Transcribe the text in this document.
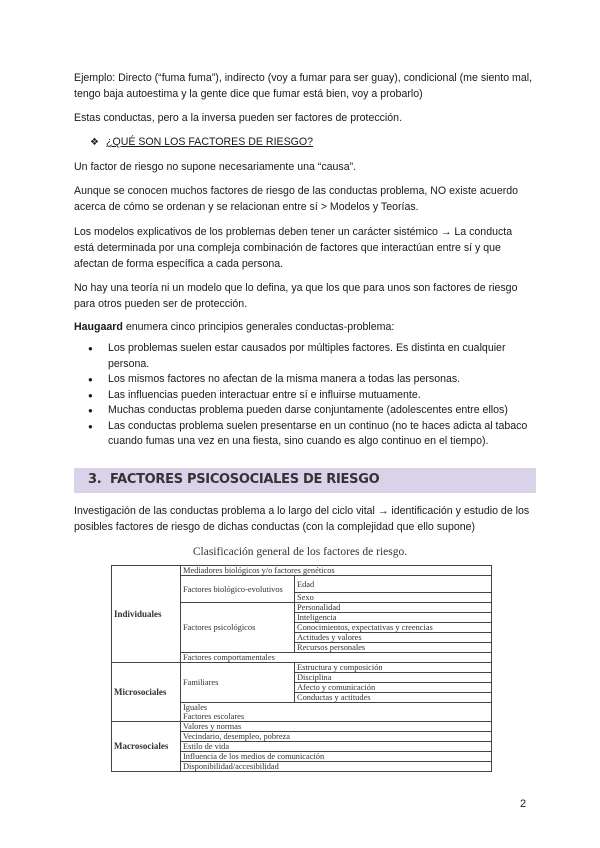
Ejemplo: Directo (“fuma fuma”), indirecto (voy a fumar para ser guay), condicional (me siento mal, tengo baja autoestima y la gente dice que fumar está bien, voy a probarlo)

Estas conductas, pero a la inversa pueden ser factores de protección.

❖ ¿QUÉ SON LOS FACTORES DE RIESGO?

Un factor de riesgo no supone necesariamente una “causa”.

Aunque se conocen muchos factores de riesgo de las conductas problema, NO existe acuerdo acerca de cómo se ordenan y se relacionan entre sí > Modelos y Teorías.

Los modelos explicativos de los problemas deben tener un carácter sistémico → La conducta está determinada por una compleja combinación de factores que interactúan entre sí y que afectan de forma específica a cada persona.

No hay una teoría ni un modelo que lo defina, ya que los que para unos son factores de riesgo para otros pueden ser de protección.

Haugaard enumera cinco principios generales conductas-problema:

● Los problemas suelen estar causados por múltiples factores. Es distinta en cualquier persona.
● Los mismos factores no afectan de la misma manera a todas las personas.
● Las influencias pueden interactuar entre sí e influirse mutuamente.
● Muchas conductas problema pueden darse conjuntamente (adolescentes entre ellos)
● Las conductas problema suelen presentarse en un continuo (no te haces adicta al tabaco cuando fumas una vez en una fiesta, sino cuando es algo continuo en el tiempo).
3. FACTORES PSICOSOCIALES DE RIESGO

Investigación de las conductas problema a lo largo del ciclo vital → identificación y estudio de los posibles factores de riesgo de dichas conductas (con la complejidad que ello supone)

Clasificación general de los factores de riesgo.
Individuales	Mediadores biológicos y/o factores genéticos	
	Factores biológico-evolutivos	Edad
		Sexo
	Factores psicológicos	Personalidad
		Inteligencia
		Conocimientos, expectativas y creencias
		Actitudes y valores
		Recursos personales
	Factores comportamentales	
Microsociales	Familiares	Estructura y composición
		Disciplina
		Afecto y comunicación
		Conductas y actitudes
	Iguales	
	Factores escolares	
Macrosociales	Valores y normas	
	Vecindario, desempleo, pobreza	
	Estilo de vida	
	Influencia de los medios de comunicación	
	Disponibilidad/accesibilidad	
2
